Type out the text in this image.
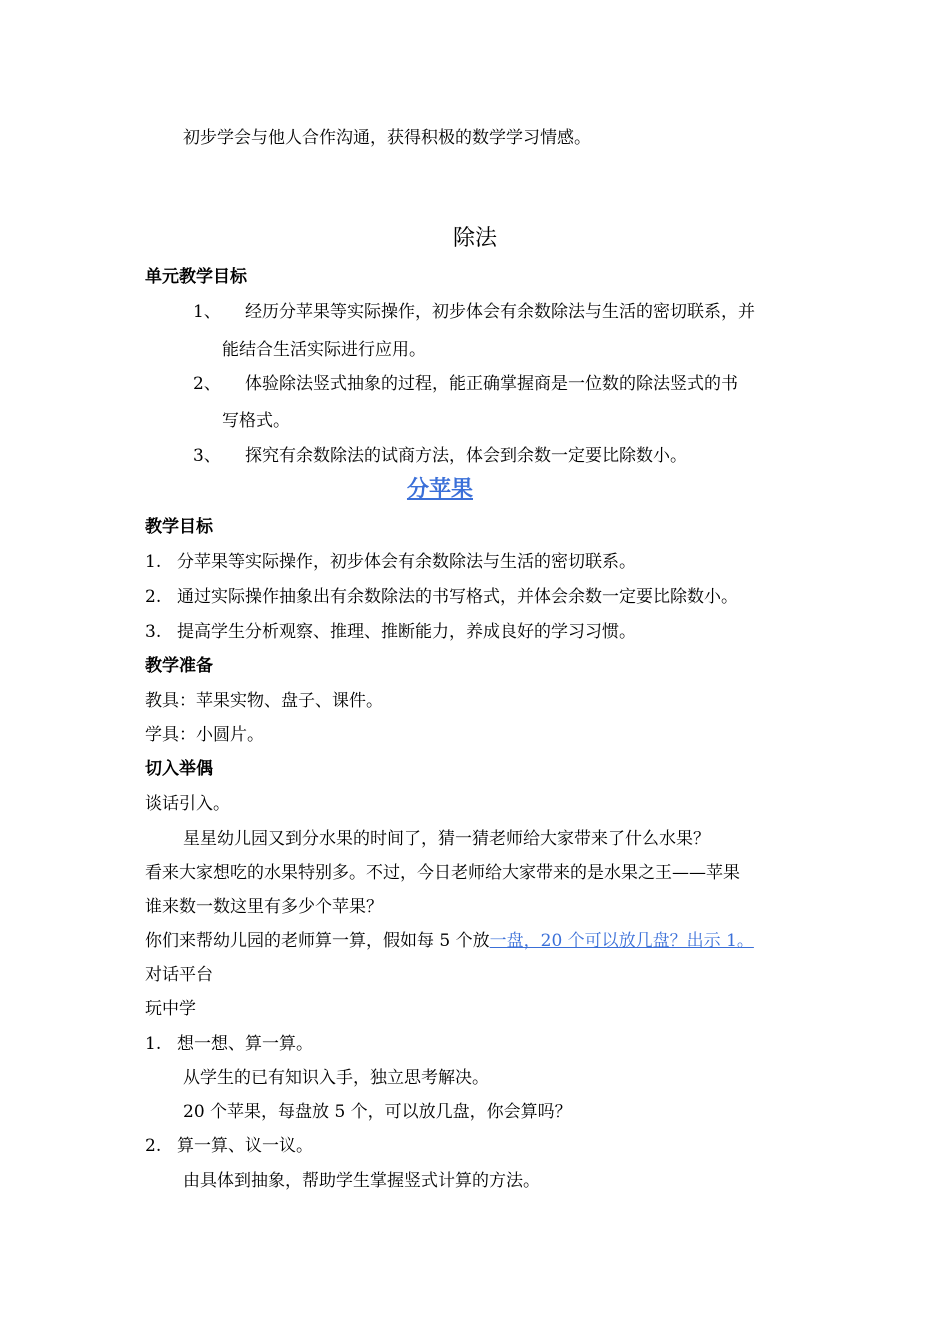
初步学会与他人合作沟通，获得积极的数学学习情感。
除法
单元教学目标
1、 经历分苹果等实际操作，初步体会有余数除法与生活的密切联系，并
能结合生活实际进行应用。
2、 体验除法竖式抽象的过程，能正确掌握商是一位数的除法竖式的书
写格式。
3、 探究有余数除法的试商方法，体会到余数一定要比除数小。
分苹果
教学目标
1. 分苹果等实际操作，初步体会有余数除法与生活的密切联系。
2. 通过实际操作抽象出有余数除法的书写格式，并体会余数一定要比除数小。
3. 提高学生分析观察、推理、推断能力，养成良好的学习习惯。
教学准备
教具：苹果实物、盘子、课件。
学具：小圆片。
切入举偶
谈话引入。
星星幼儿园又到分水果的时间了，猜一猜老师给大家带来了什么水果？
看来大家想吃的水果特别多。不过，今日老师给大家带来的是水果之王——苹果
谁来数一数这里有多少个苹果？
你们来帮幼儿园的老师算一算，假如每 5 个放一盘，20 个可以放几盘？出示 1。
对话平台
玩中学
1. 想一想、算一算。
从学生的已有知识入手，独立思考解决。
20 个苹果，每盘放 5 个，可以放几盘，你会算吗？
2. 算一算、议一议。
由具体到抽象，帮助学生掌握竖式计算的方法。
